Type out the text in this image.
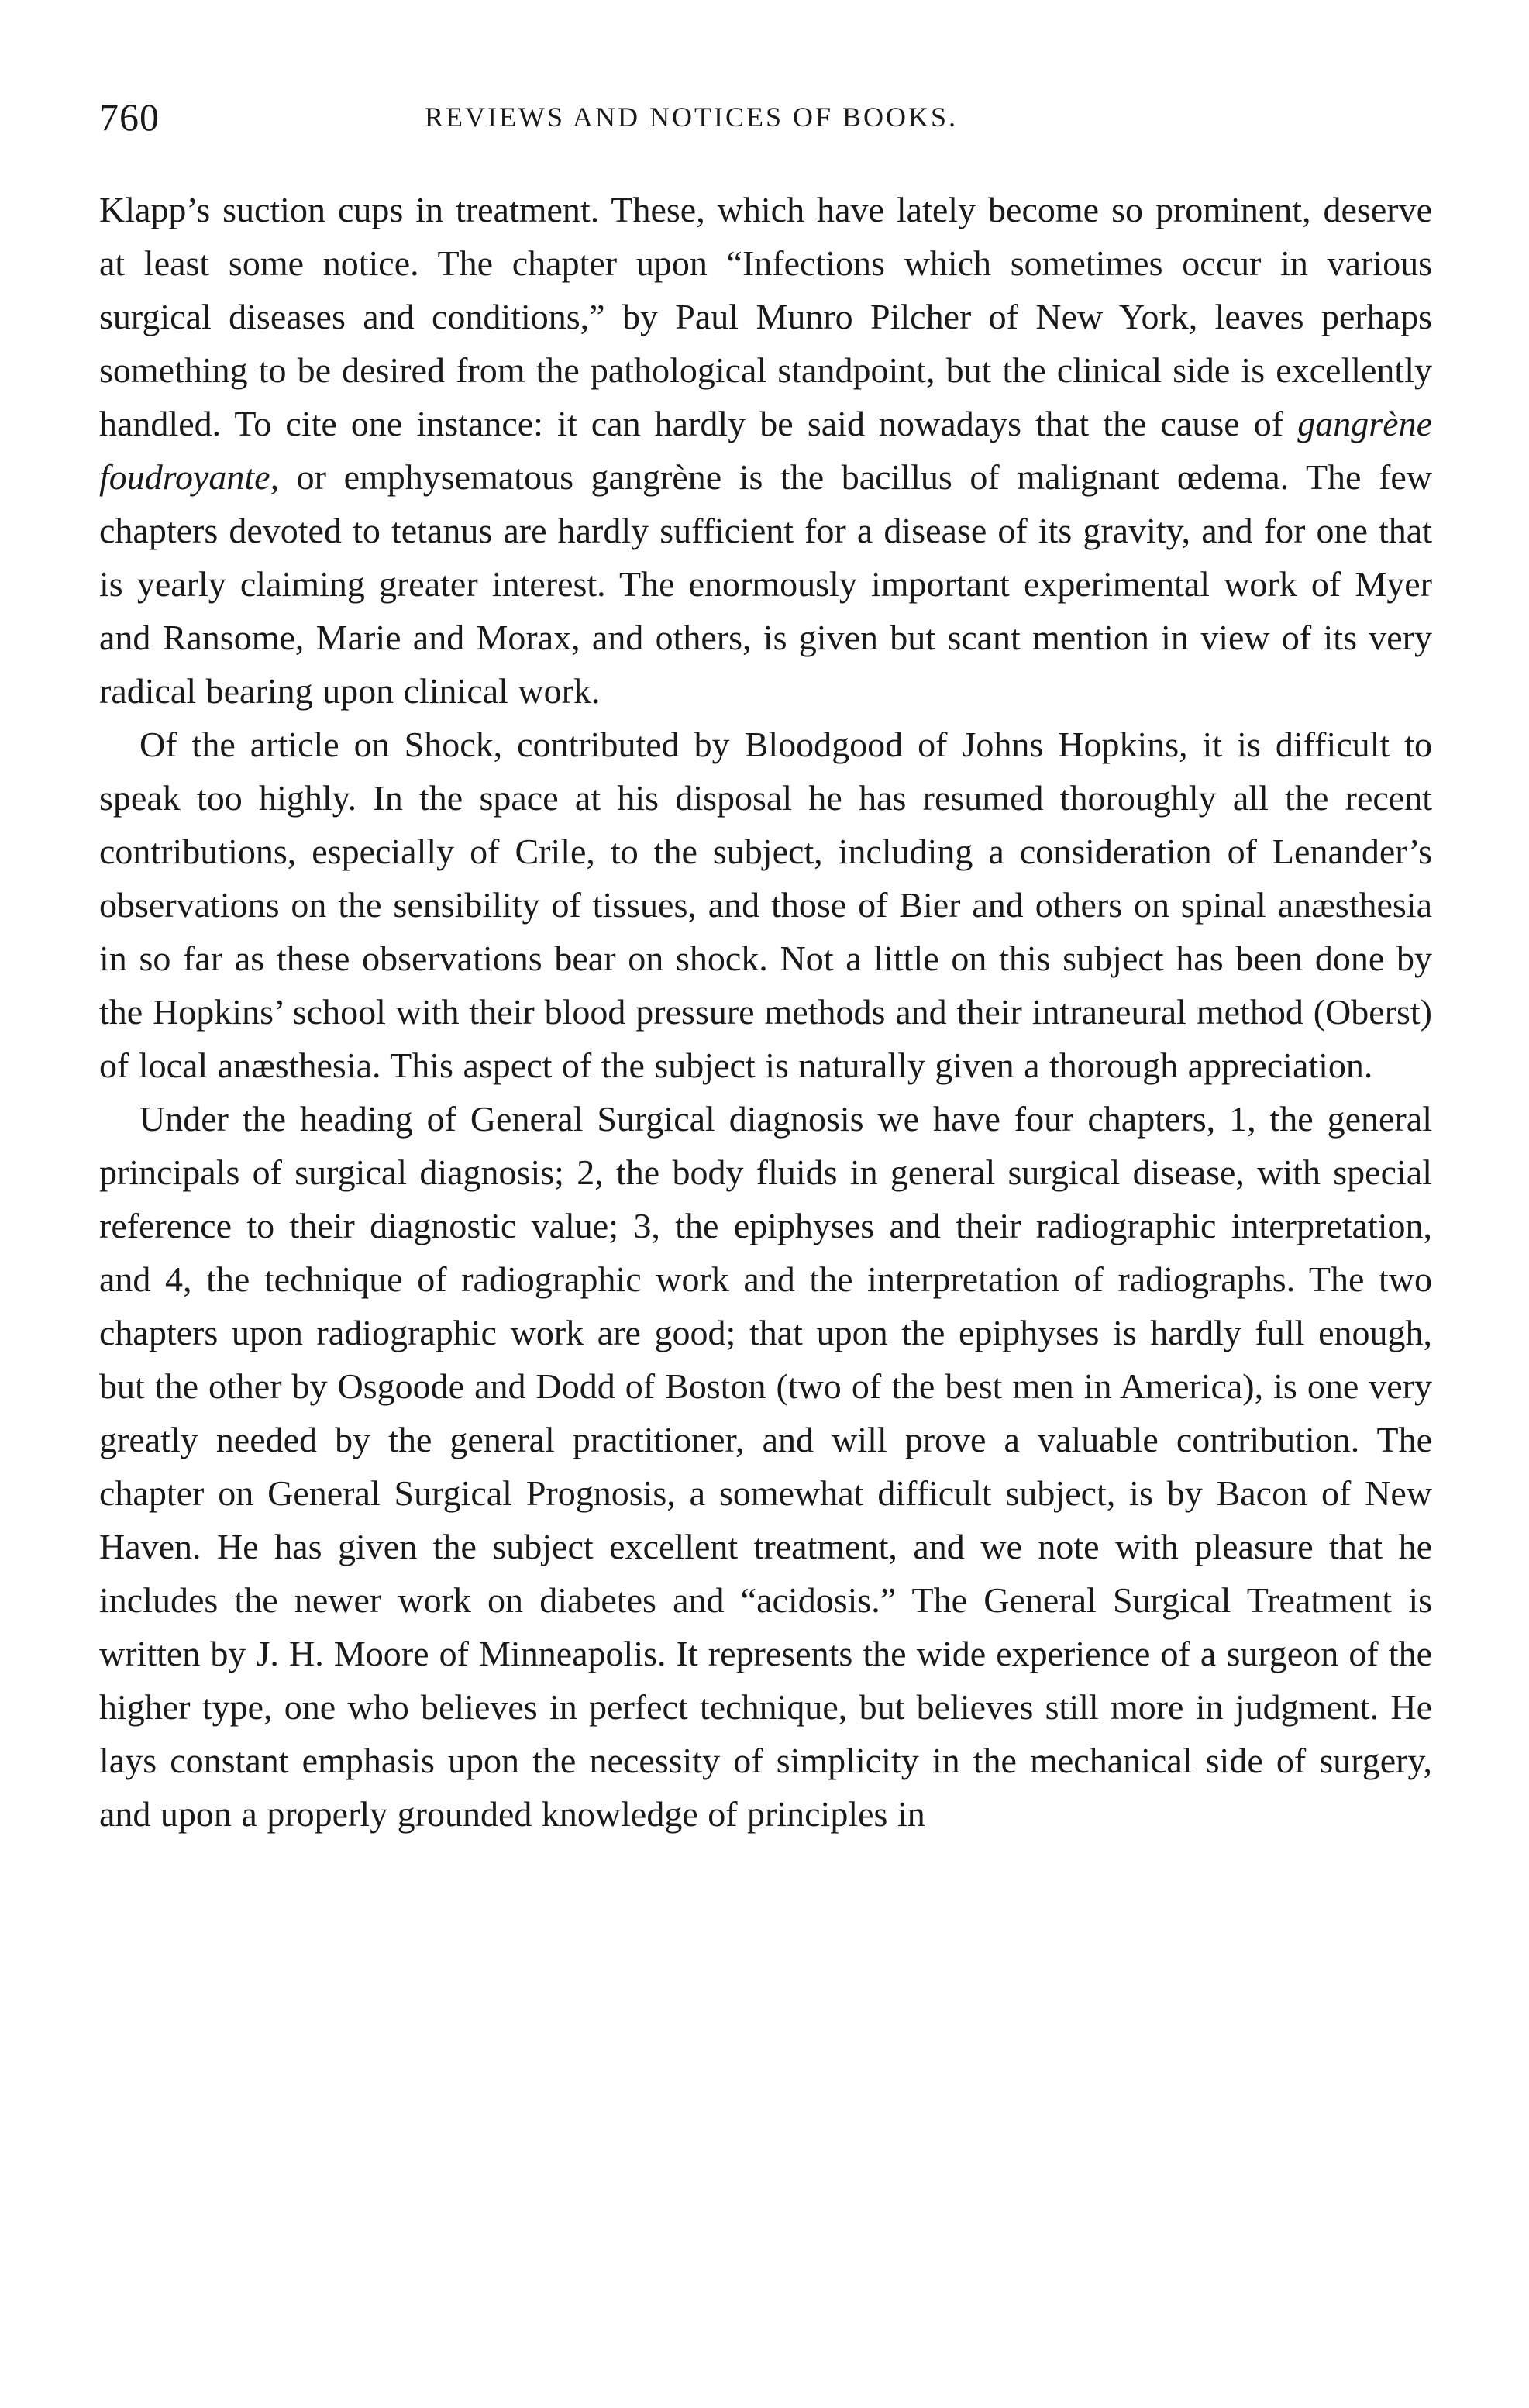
760	REVIEWS AND NOTICES OF BOOKS.

Klapp’s suction cups in treatment. These, which have lately become so prominent, deserve at least some notice. The chapter upon “Infections which sometimes occur in various surgical diseases and conditions,” by Paul Munro Pilcher of New York, leaves perhaps something to be desired from the pathological standpoint, but the clinical side is excellently handled. To cite one instance: it can hardly be said nowadays that the cause of gangrène foudroyante, or emphysematous gangrène is the bacillus of malignant œdema. The few chapters devoted to tetanus are hardly sufficient for a disease of its gravity, and for one that is yearly claiming greater interest. The enormously important experimental work of Myer and Ransome, Marie and Morax, and others, is given but scant mention in view of its very radical bearing upon clinical work.

Of the article on Shock, contributed by Bloodgood of Johns Hopkins, it is difficult to speak too highly. In the space at his disposal he has resumed thoroughly all the recent contributions, especially of Crile, to the subject, including a consideration of Lenander’s observations on the sensibility of tissues, and those of Bier and others on spinal anæsthesia in so far as these observations bear on shock. Not a little on this subject has been done by the Hopkins’ school with their blood pressure methods and their intraneural method (Oberst) of local anæsthesia. This aspect of the subject is naturally given a thorough appreciation.

Under the heading of General Surgical diagnosis we have four chapters, 1, the general principals of surgical diagnosis; 2, the body fluids in general surgical disease, with special reference to their diagnostic value; 3, the epiphyses and their radiographic interpretation, and 4, the technique of radiographic work and the interpretation of radiographs. The two chapters upon radiographic work are good; that upon the epiphyses is hardly full enough, but the other by Osgoode and Dodd of Boston (two of the best men in America), is one very greatly needed by the general practitioner, and will prove a valuable contribution. The chapter on General Surgical Prognosis, a somewhat difficult subject, is by Bacon of New Haven. He has given the subject excellent treatment, and we note with pleasure that he includes the newer work on diabetes and “acidosis.” The General Surgical Treatment is written by J. H. Moore of Minneapolis. It represents the wide experience of a surgeon of the higher type, one who believes in perfect technique, but believes still more in judgment. He lays constant emphasis upon the necessity of simplicity in the mechanical side of surgery, and upon a properly grounded knowledge of principles in
